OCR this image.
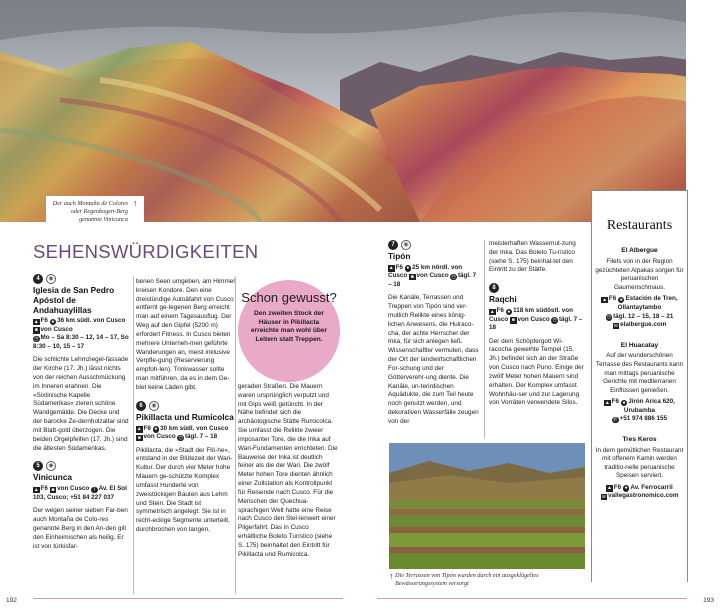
Der auch Montaña de Colores oder Regenbogen-Berg genannte Vinicunca
↑
SEHENSWÜRDIGKEITEN
4	◉
Iglesia de San Pedro Apóstol de Andahuaylillas
▲ F6 ● 36 km südl. von Cusco ■ von Cusco
◷ Mo – Sa 8:30 – 12, 14 – 17, So 8:30 – 10, 15 – 17
Die schlichte Lehmziegel-fassade der Kirche (17. Jh.) lässt nichts von der reichen Ausschmückung im Inneren erahnen. Die »Sixtinische Kapelle Südamerikas« zieren schöne Wandgemälde. Die Decke und der barocke Ze-dernholzaltar sind mit Blatt-gold überzogen. Die beiden Orgelpfeifen (17. Jh.) sind die ältesten Südamerikas.
5	◉
Vinicunca
▲ F6 ■ von Cusco i Av. El Sol 103, Cusco; +51 84 227 037
Der wegen seiner sieben Far-ben auch Montaña de Colo-res genannte Berg in den An-den gilt den Einheimischen als heilig. Er ist von türkisfar-
benen Seen umgeben, am Himmel kreisen Kondore. Den eine dreistündige Autoâfahrt von Cusco entfernt ge-legenen Berg erreicht man auf einem Tagesausflug. Der Weg auf den Gipfel (5200 m) erfordert Fitness. In Cusco bieten mehrere Unterneh-men geführte Wanderungen an, meist inklusive Verpfle-gung (Reservierung empfoh-len). Trinkwasser sollte man mitführen, da es in dem Ge-biet keine Läden gibt.
6	◉
Pikillacta und Rumicolca
▲ F6 ● 30 km südl. von Cusco ■ von Cusco ◷ tägl. 7 – 18
Pikillacta, die »Stadt der Flö-he«, entstand in der Blütezeit der Wari-Kultur. Der durch vier Meter hohe Mauern ge-schützte Komplex umfasst Hunderte von zweistöckigen Bauten aus Lehm und Stein. Die Stadt ist symmetrisch angelegt: Sie ist in recht-eckige Segmente unterteilt, durchbrochen von langen,
Schon gewusst?
Den zweiten Stock der Häuser in Pikillacta erreichte man wohl über Leitern statt Treppen.
geraden Straßen. Die Mauern waren ursprünglich verputzt und mit Gips weiß getüncht. In der Nähe befindet sich die archäologische Stätte Rumicolca. Sie umfasst die Relikte zweier imposanter Tore, die die Inka auf Wari-Fundamenten errichteten. Die Bauweise der Inka ist deutlich feiner als die der Wari. Die zwölf Meter hohen Tore dienten ähnlich einer Zollstation als Kontrollpunkt für Reisende nach Cusco. Für die Menschen der Quechua-sprachigen Welt hatte eine Reise nach Cusco den Stel-lenwert einer Pilgerfahrt. Das in Cusco erhältliche Boleto Turístico (siehe S. 175) beinhaltet den Eintritt für Pikillacta und Rumicolca.
7	◉
Tipón
▲ F6 ● 25 km nördl. von Cusco ■ von Cusco ◷ tägl. 7 – 18
Die Kanäle, Terrassen und Treppen von Tipón sind ver-mutlich Relikte eines könig-lichen Anwesens, die Huiraco-cha, der achte Herrscher der Inka, für sich anlegen ließ. Wissenschaftler vermuten, dass der Ort der landwirtschaftlichen For-schung und der Götterverehr-ung diente. Die Kanäle, un-terirdischen Aquädukte, die zum Teil heute noch genutzt werden, und dekorativen Wasserfälle zeugen von der
meisterhaften Wassernut-zung der Inka. Das Boleto Tu-rístico (siehe S. 175) beinhal-tet den Eintritt zu der Stätte.
8
Raqchi
▲ F6 ● 118 km südöstl. von Cusco ■ von Cusco ◷ tägl. 7 – 18
Der dem Schöpfergott Wi-racocha geweihte Tempel (15. Jh.) befindet sich an der Straße von Cusco nach Puno. Einige der zwölf Meter hohen Mauern sind erhalten. Der Komplex umfasst Wohnhäu-ser und zur Lagerung von Vorräten verwendete Silos.
↑ Die Terrassen von Tipón wurden durch ein ausgeklügeltes Bewässerungssystem versorgt
Restaurants
El Albergue
Filets von in der Region gezüchteten Alpakas sorgen für peruanischen Gaumenschmaus.
▲ F6 ● Estación de Tren, Ollantaytambo
◷ tägl. 12 – 15, 18 – 21
w elalbergue.com
El Huacatay
Auf der wunderschönen Terrasse des Restaurants kann man mittags peruanische Gerichte mit mediterranen Einflüssen genießen.
▲ F6 ● Jirón Arica 620, Urubamba
✆ +51 974 886 155
Tres Keros
In dem gemütlichen Restaurant mit offenem Kamin werden traditio-nelle peruanische Speisen serviert.
▲ F6 ● Av. Ferrocarril
w vallegastronomico.com
192	193
